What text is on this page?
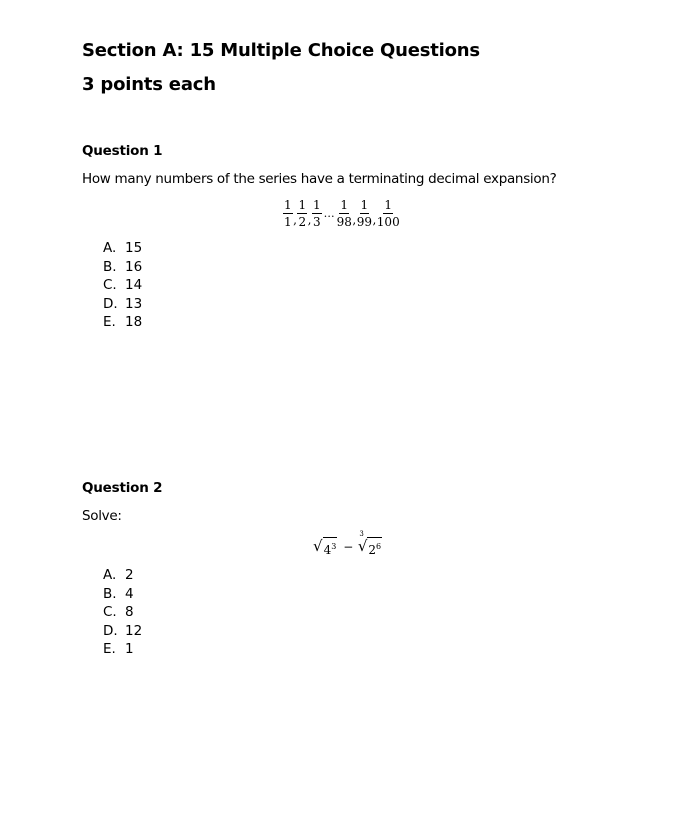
Section A: 15 Multiple Choice Questions
3 points each
Question 1
How many numbers of the series have a terminating decimal expansion?
$\frac{1}{1}$ , $\frac{1}{2}$ , $\frac{1}{3}$ … $\frac{1}{98}$ , $\frac{1}{99}$ , $\frac{1}{100}$
A. 15
B. 16
C. 14
D. 13
E. 18
Question 2
Solve:
√ $4^3$ −
3
√ $2^6$
A. 2
B. 4
C. 8
D. 12
E. 1
